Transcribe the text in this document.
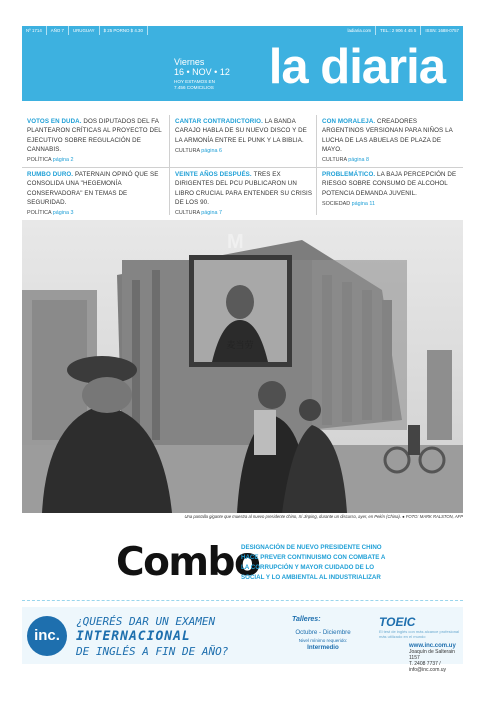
Nº 1714	AÑO 7	URUGUAY	$ 25 PORNO $ 4.30	ladiaria.com	TEL.: 2 906 4 45 5	ISSN: 1688-0757
Viernes
16 • NOV • 12
HOY ESTAMOS EN
7.456 COMICILIOS la diaria
VOTOS EN DUDA. DOS DIPUTADOS DEL FA PLANTEARON CRÍTICAS AL PROYECTO DEL EJECUTIVO SOBRE REGULACIÓN DE CANNABIS.
POLÍTICA página 2
CANTAR CONTRADICTORIO. LA BANDA CARAJO HABLA DE SU NUEVO DISCO Y DE LA ARMONÍA ENTRE EL PUNK Y LA BIBLIA.
CULTURA página 6
CON MORALEJA. CREADORES ARGENTINOS VERSIONAN PARA NIÑOS LA LUCHA DE LAS ABUELAS DE PLAZA DE MAYO.
CULTURA página 8
RUMBO DURO. PATERNAIN OPINÓ QUE SE CONSOLIDA UNA "HEGEMONÍA CONSERVADORA" EN TEMAS DE SEGURIDAD.
POLÍTICA página 3
VEINTE AÑOS DESPUÉS. TRES EX DIRIGENTES DEL PCU PUBLICARON UN LIBRO CRUCIAL PARA ENTENDER SU CRISIS DE LOS 90.
CULTURA página 7
PROBLEMÁTICO. LA BAJA PERCEPCIÓN DE RIESGO SOBRE CONSUMO DE ALCOHOL POTENCIA DEMANDA JUVENIL.
SOCIEDAD página 11
M
麦当劳
Una pantalla gigante que muestra al nuevo presidente chino, Xi Jinping, durante un discurso, ayer, en Pekín (China). ● FOTO: MARK RALSTON, AFP
Combo
DESIGNACIÓN DE NUEVO PRESIDENTE CHINO HACE PREVER CONTINUISMO CON COMBATE A LA CORRUPCIÓN Y MAYOR CUIDADO DE LO SOCIAL Y LO AMBIENTAL AL INDUSTRIALIZAR
inc.
¿QUERÉS DAR UN EXAMEN
INTERNACIONAL
DE INGLÉS A FIN DE AÑO?
Talleres:
Octubre - Diciembre
Nivel mínimo requerido:
Intermedio
TOEIC
El test de inglés con más alcance profesional más utilizado en el mundo
www.inc.com.uy
Joaquín de Salterain 1157
T. 2408 7737 / info@inc.com.uy
